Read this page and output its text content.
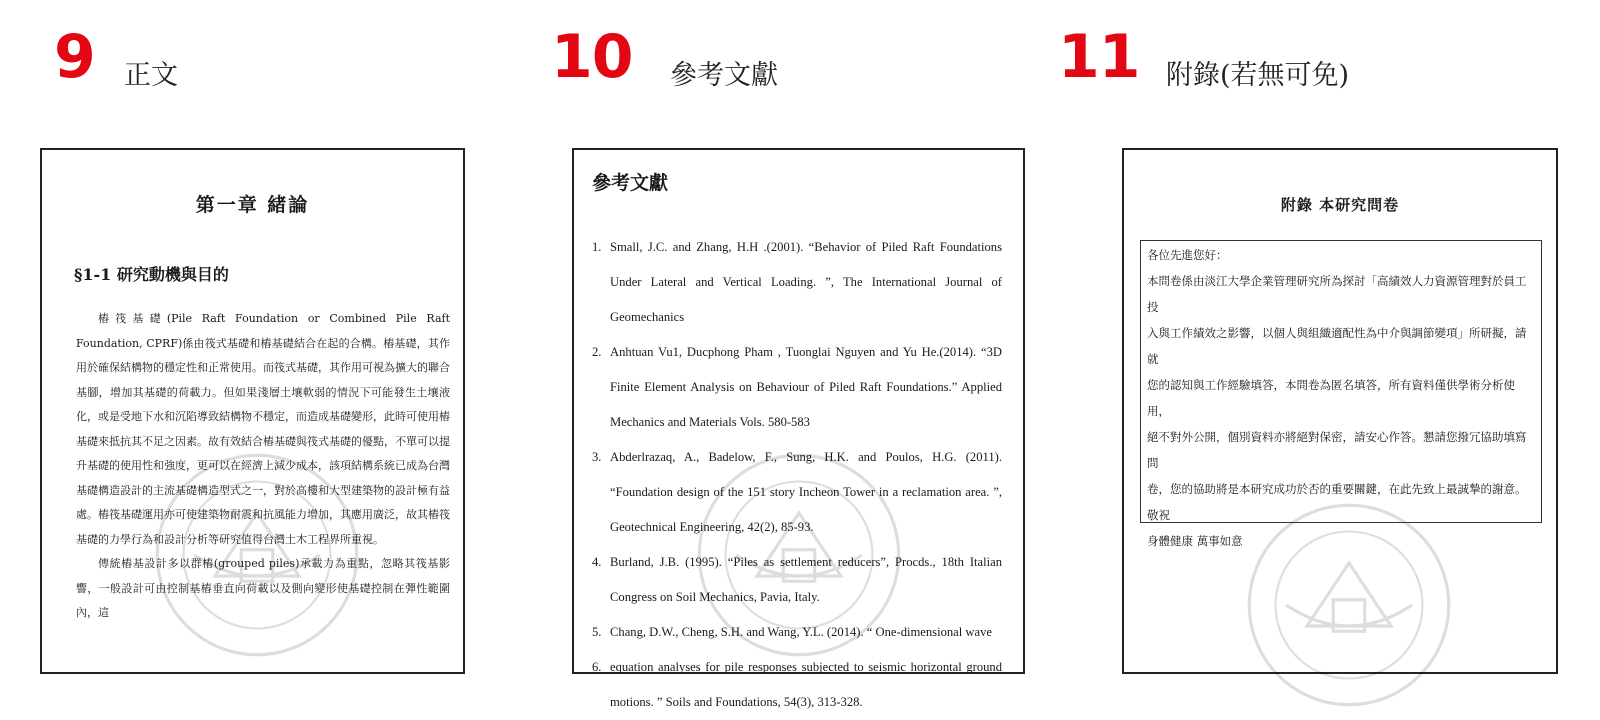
9 正文	10 參考文獻	11 附錄(若無可免)
第一章 緒論
§1-1 研究動機與目的

樁筏基礎(Pile Raft Foundation or Combined Pile Raft Foundation, CPRF)係由筏式基礎和樁基礎結合在起的合構。樁基礎，其作用於確保結構物的穩定性和正常使用。而筏式基礎，其作用可視為擴大的聯合基腳，增加其基礎的荷載力。但如果淺層土壤軟弱的情況下可能發生土壤液化，或是受地下水和沉陷導致結構物不穩定，而造成基礎變形，此時可使用樁基礎來抵抗其不足之因素。故有效結合樁基礎與筏式基礎的優點，不單可以提升基礎的使用性和強度，更可以在經濟上減少成本，該項結構系統已成為台灣基礎構造設計的主流基礎構造型式之一，對於高樓和大型建築物的設計極有益處。樁筏基礎運用亦可使建築物耐震和抗風能力增加，其應用廣泛，故其樁筏基礎的力學行為和設計分析等研究值得台灣土木工程界所重視。

傳統樁基設計多以群樁(grouped piles)承載力為重點，忽略其筏基影響，一般設計可由控制基樁垂直向荷載以及側向變形使基礎控制在彈性範圍內，這

參考文獻
1. Small, J.C. and Zhang, H.H .(2001). “Behavior of Piled Raft Foundations Under Lateral and Vertical Loading. ”, The International Journal of Geomechanics
2. Anhtuan Vu1, Ducphong Pham , Tuonglai Nguyen and Yu He.(2014). “3D Finite Element Analysis on Behaviour of Piled Raft Foundations.” Applied Mechanics and Materials Vols. 580-583
3. Abderlrazaq, A., Badelow, F., Sung, H.K. and Poulos, H.G. (2011). “Foundation design of the 151 story Incheon Tower in a reclamation area. ”, Geotechnical Engineering, 42(2), 85-93.
4. Burland, J.B. (1995). “Piles as settlement reducers”, Procds., 18th Italian Congress on Soil Mechanics, Pavia, Italy.
5. Chang, D.W., Cheng, S.H. and Wang, Y.L. (2014). “ One-dimensional wave
6. equation analyses for pile responses subjected to seismic horizontal ground motions. ” Soils and Foundations, 54(3), 313-328.
附錄 本研究問卷
各位先進您好：
本問卷係由淡江大學企業管理研究所為探討「高績效人力資源管理對於員工投
入與工作績效之影響，以個人與組織適配性為中介與調節變項」所研擬，請就
您的認知與工作經驗填答，本問卷為匿名填答，所有資料僅供學術分析使用，
絕不對外公開，個別資料亦將絕對保密，請安心作答。懇請您撥冗協助填寫問
卷，您的協助將是本研究成功於否的重要關鍵，在此先致上最誠摯的謝意。
敬祝
身體健康 萬事如意
